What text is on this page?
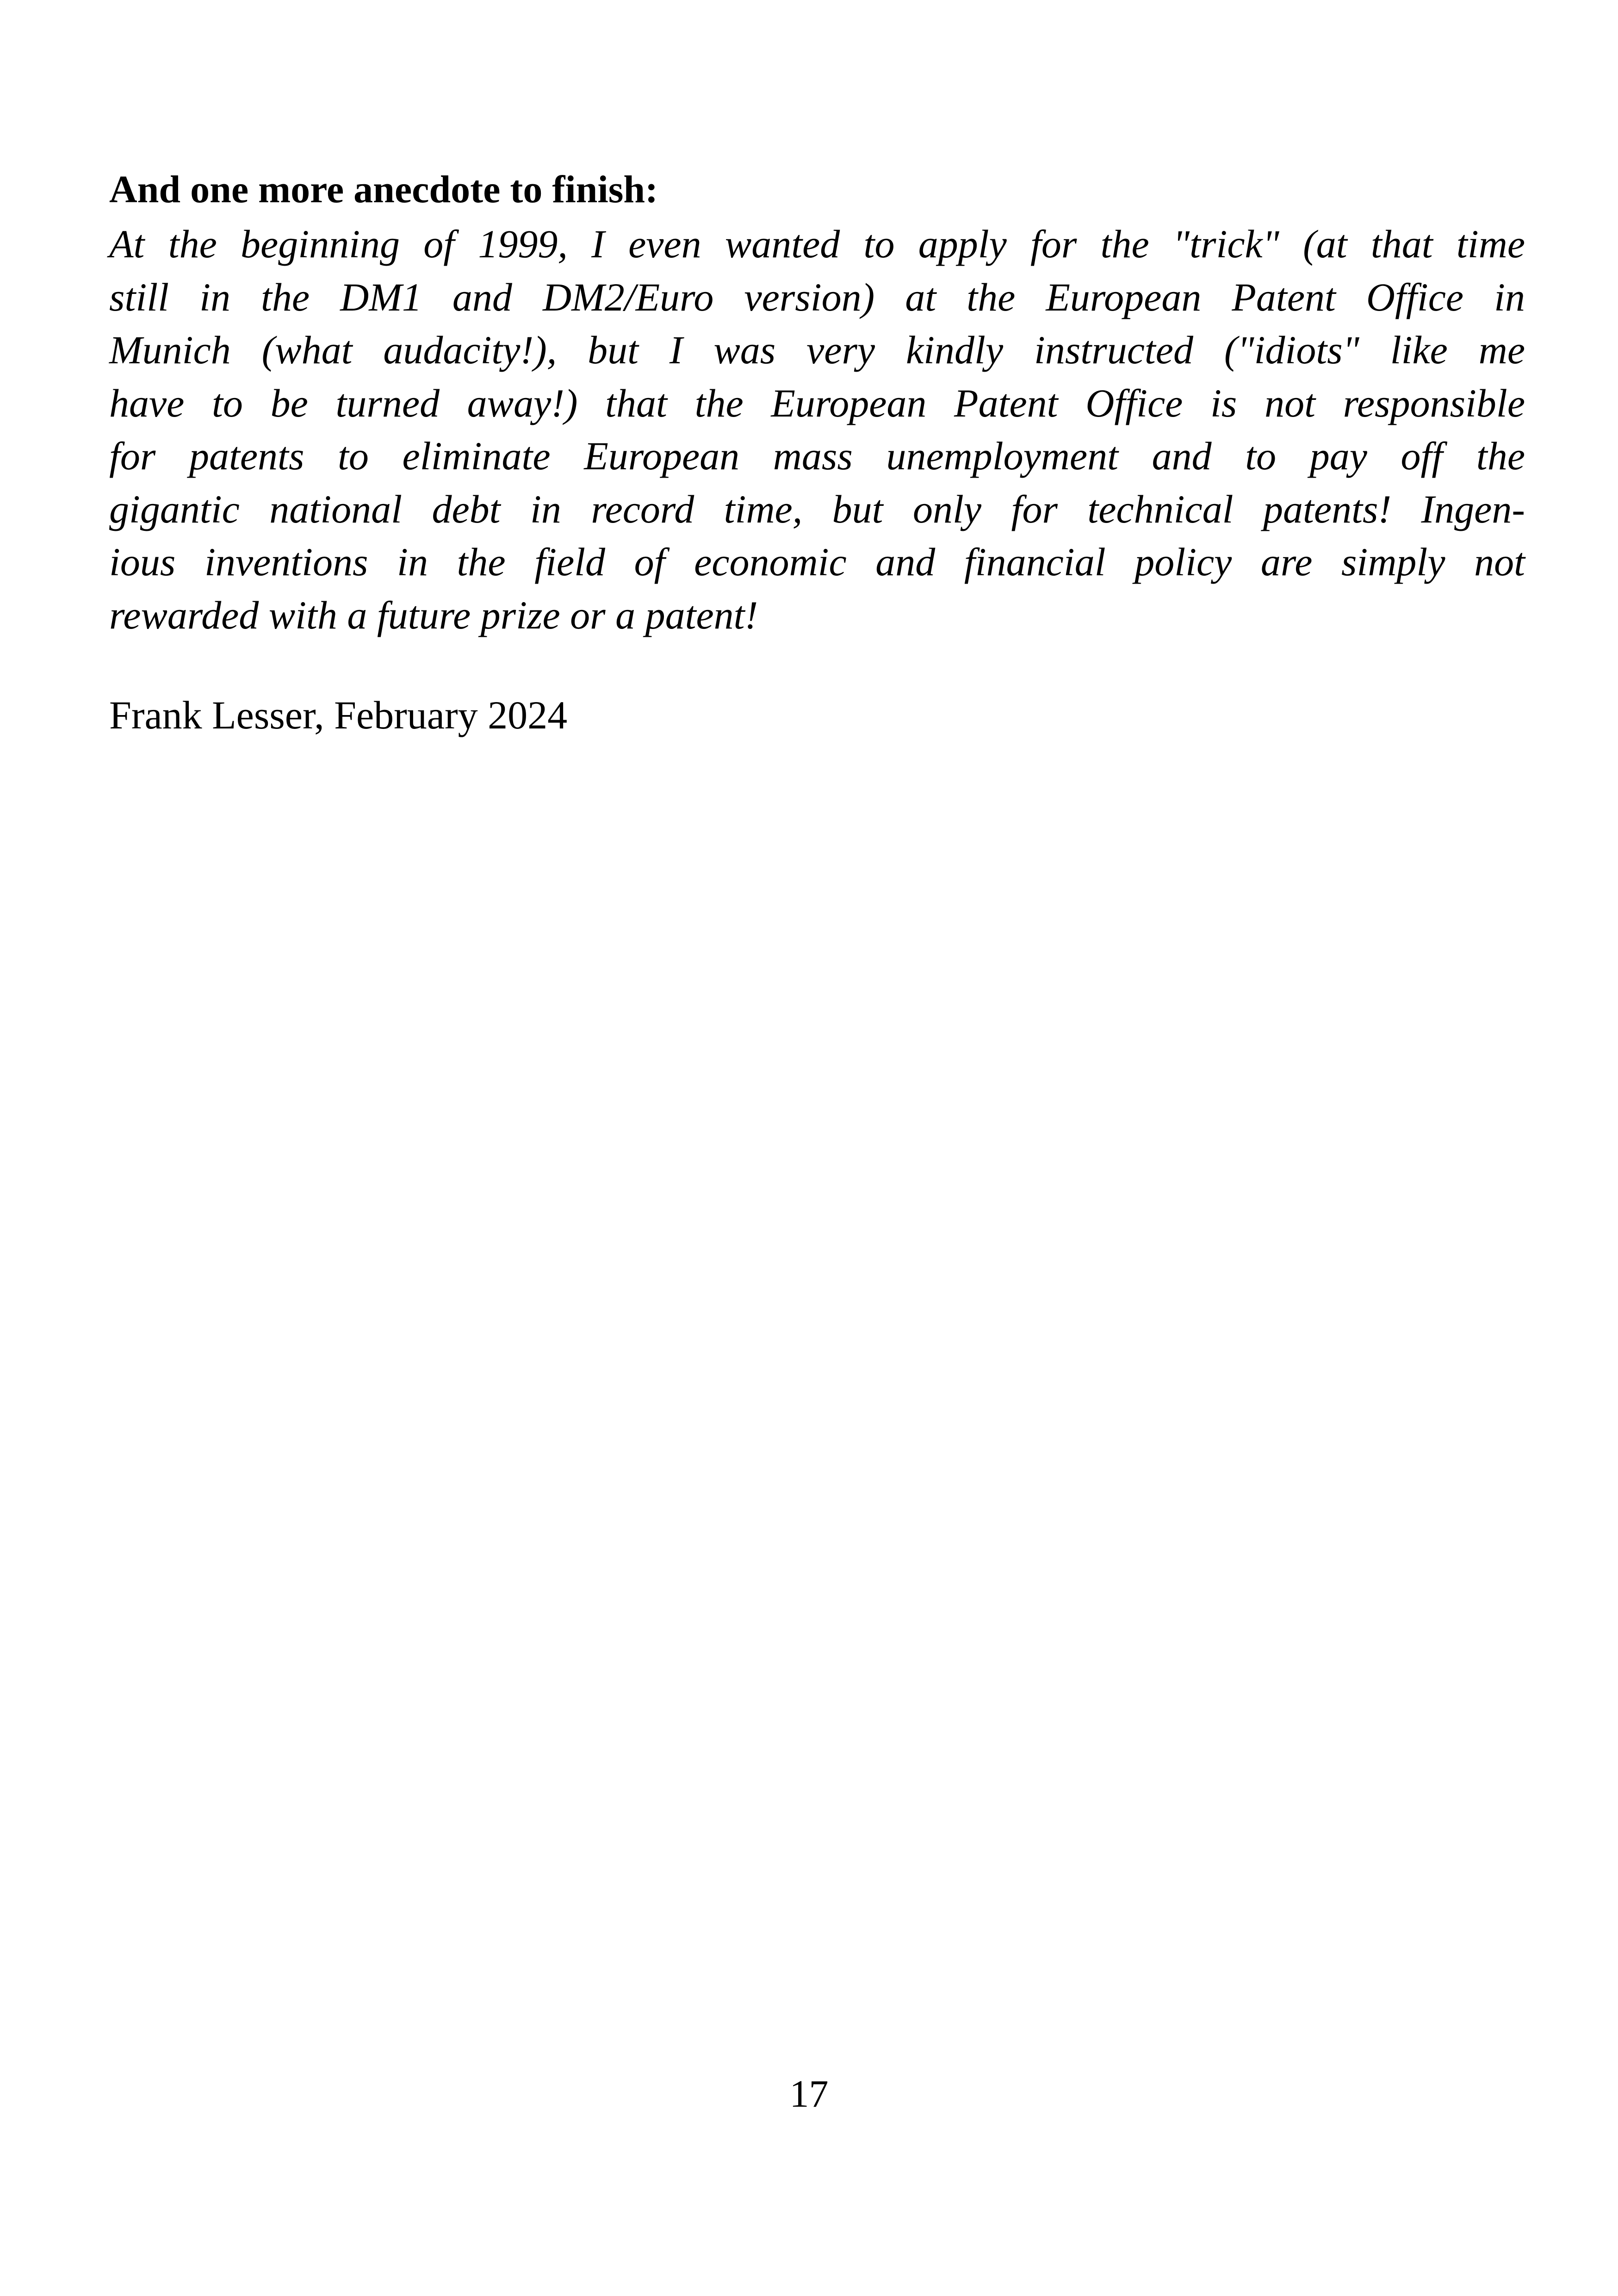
And one more anecdote to finish:
At the beginning of 1999, I even wanted to apply for the "trick" (at that time
still in the DM1 and DM2/Euro version) at the European Patent Office in
Munich (what audacity!), but I was very kindly instructed ("idiots" like me
have to be turned away!) that the European Patent Office is not responsible
for patents to eliminate European mass unemployment and to pay off the
gigantic national debt in record time, but only for technical patents! Ingen-
ious inventions in the field of economic and financial policy are simply not
rewarded with a future prize or a patent!
Frank Lesser, February 2024
17
